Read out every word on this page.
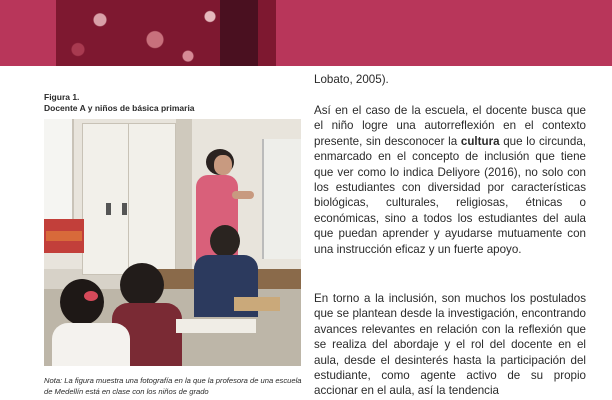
Figura 1.
Docente A y niños de básica primaria
Nota: La figura muestra una fotografía en la que la profesora de una escuela de Medellín está en clase con los niños de grado
Lobato, 2005).
Así en el caso de la escuela, el docente busca que el niño logre una autorreflexión en el contexto presente, sin desconocer la cultura que lo circunda, enmarcado en el concepto de inclusión que tiene que ver como lo indica Deliyore (2016), no solo con los estudiantes con diversidad por características biológicas, culturales, religiosas, étnicas o económicas, sino a todos los estudiantes del aula que puedan aprender y ayudarse mutuamente con una instrucción eficaz y un fuerte apoyo.
En torno a la inclusión, son muchos los postulados que se plantean desde la investigación, encontrando avances relevantes en relación con la reflexión que se realiza del abordaje y el rol del docente en el aula, desde el desinterés hasta la participación del estudiante, como agente activo de su propio accionar en el aula, así la tendencia
